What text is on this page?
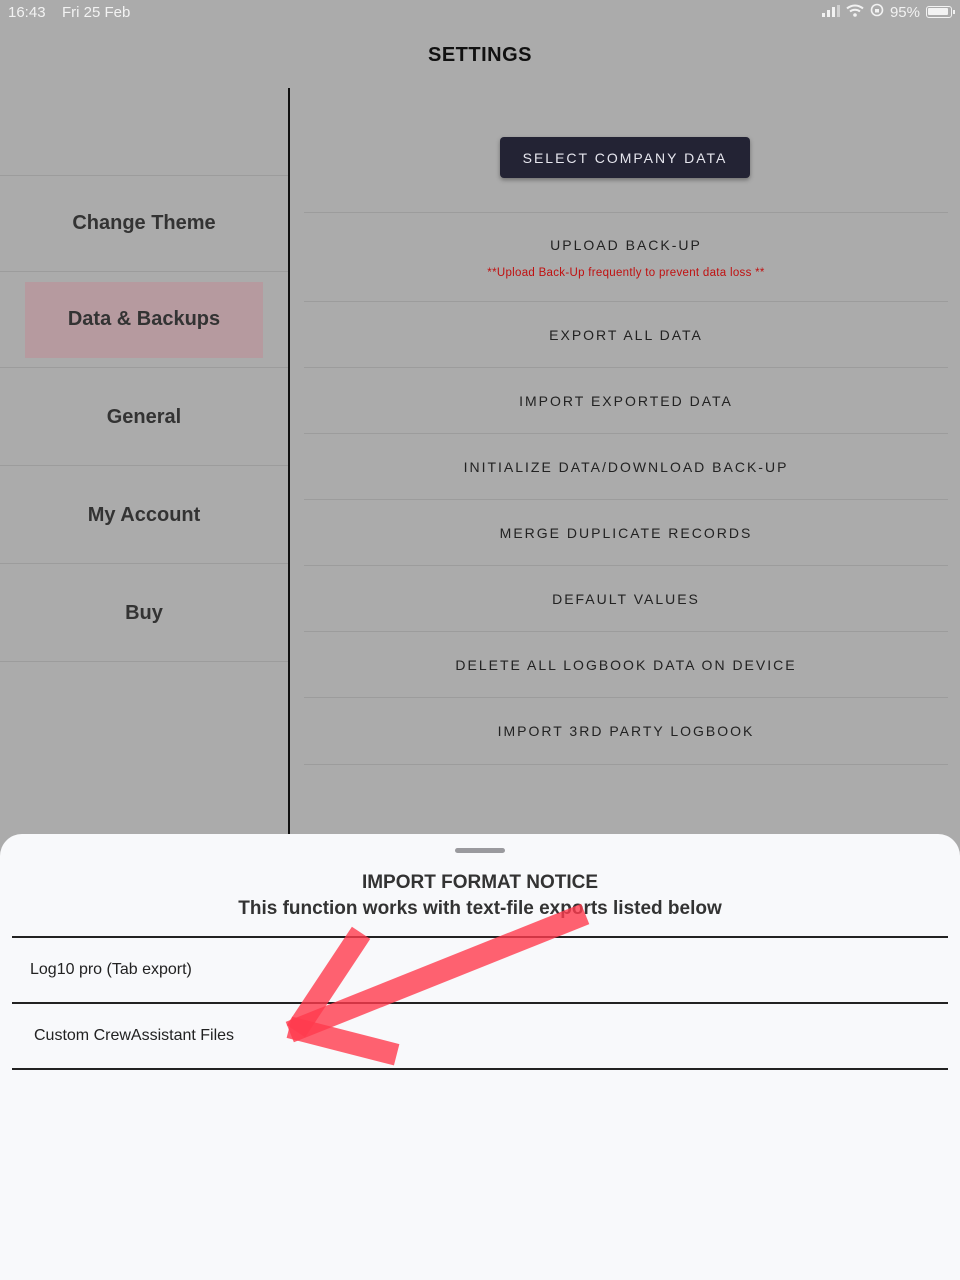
16:43 Fri 25 Feb	95%
SETTINGS
Change Theme
Data & Backups
General
My Account
Buy
SELECT COMPANY DATA
UPLOAD BACK-UP
**Upload Back-Up frequently to prevent data loss **
EXPORT ALL DATA
IMPORT EXPORTED DATA
INITIALIZE DATA/DOWNLOAD BACK-UP
MERGE DUPLICATE RECORDS
DEFAULT VALUES
DELETE ALL LOGBOOK DATA ON DEVICE
IMPORT 3RD PARTY LOGBOOK
IMPORT FORMAT NOTICE
This function works with text-file exports listed below
Log10 pro (Tab export)
Custom CrewAssistant Files
